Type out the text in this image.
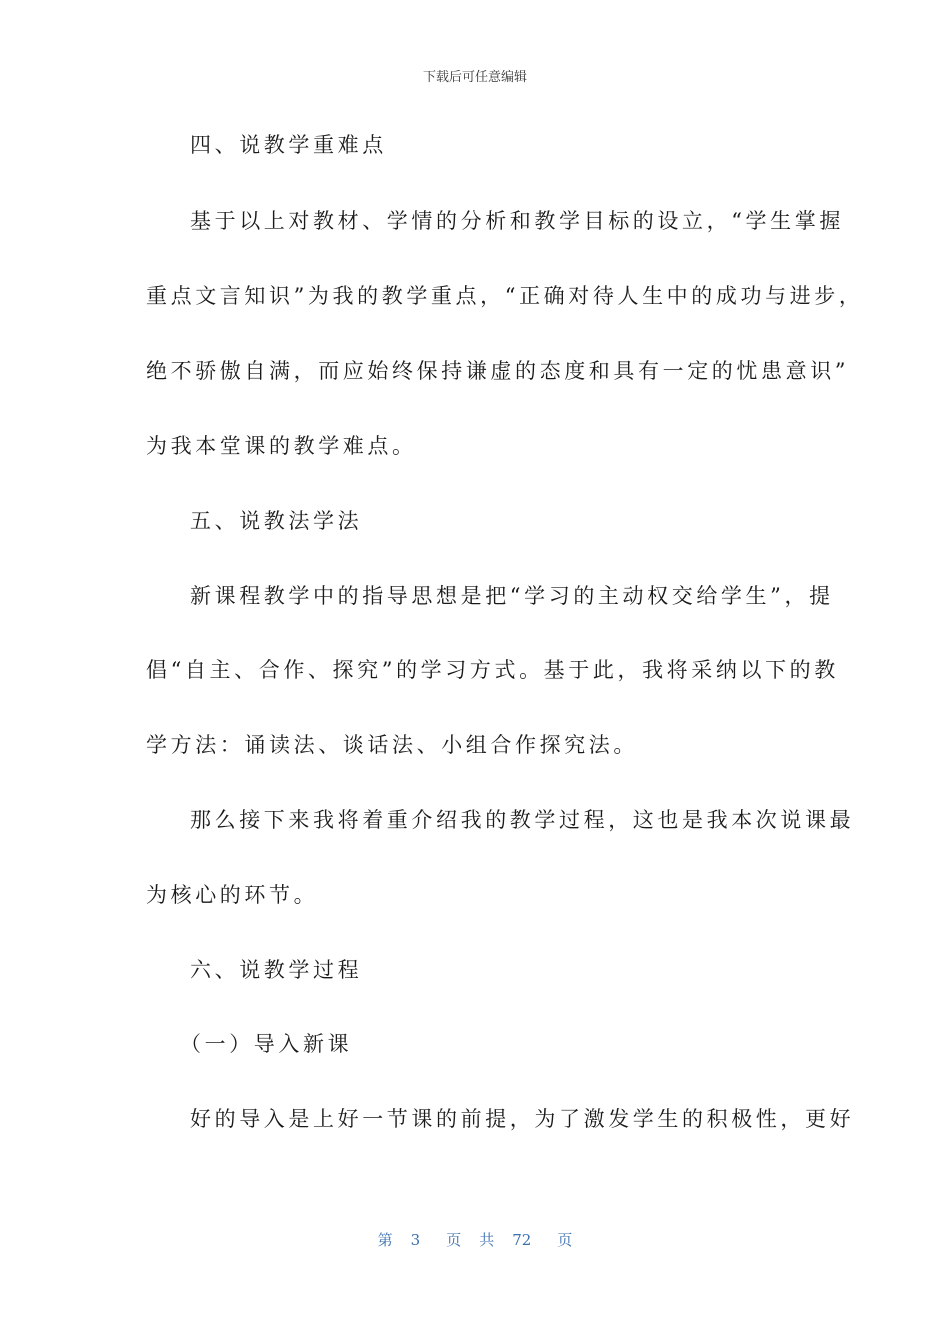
下载后可任意编辑
四、说教学重难点
基于以上对教材、学情的分析和教学目标的设立，“学生掌握
重点文言知识”为我的教学重点，“正确对待人生中的成功与进步，
绝不骄傲自满，而应始终保持谦虚的态度和具有一定的忧患意识”
为我本堂课的教学难点。
五、说教法学法
新课程教学中的指导思想是把“学习的主动权交给学生”，提
倡“自主、合作、探究”的学习方式。基于此，我将采纳以下的教
学方法：诵读法、谈话法、小组合作探究法。
那么接下来我将着重介绍我的教学过程，这也是我本次说课最
为核心的环节。
六、说教学过程
（一）导入新课
好的导入是上好一节课的前提，为了激发学生的积极性，更好
第 3 页 共 72 页
